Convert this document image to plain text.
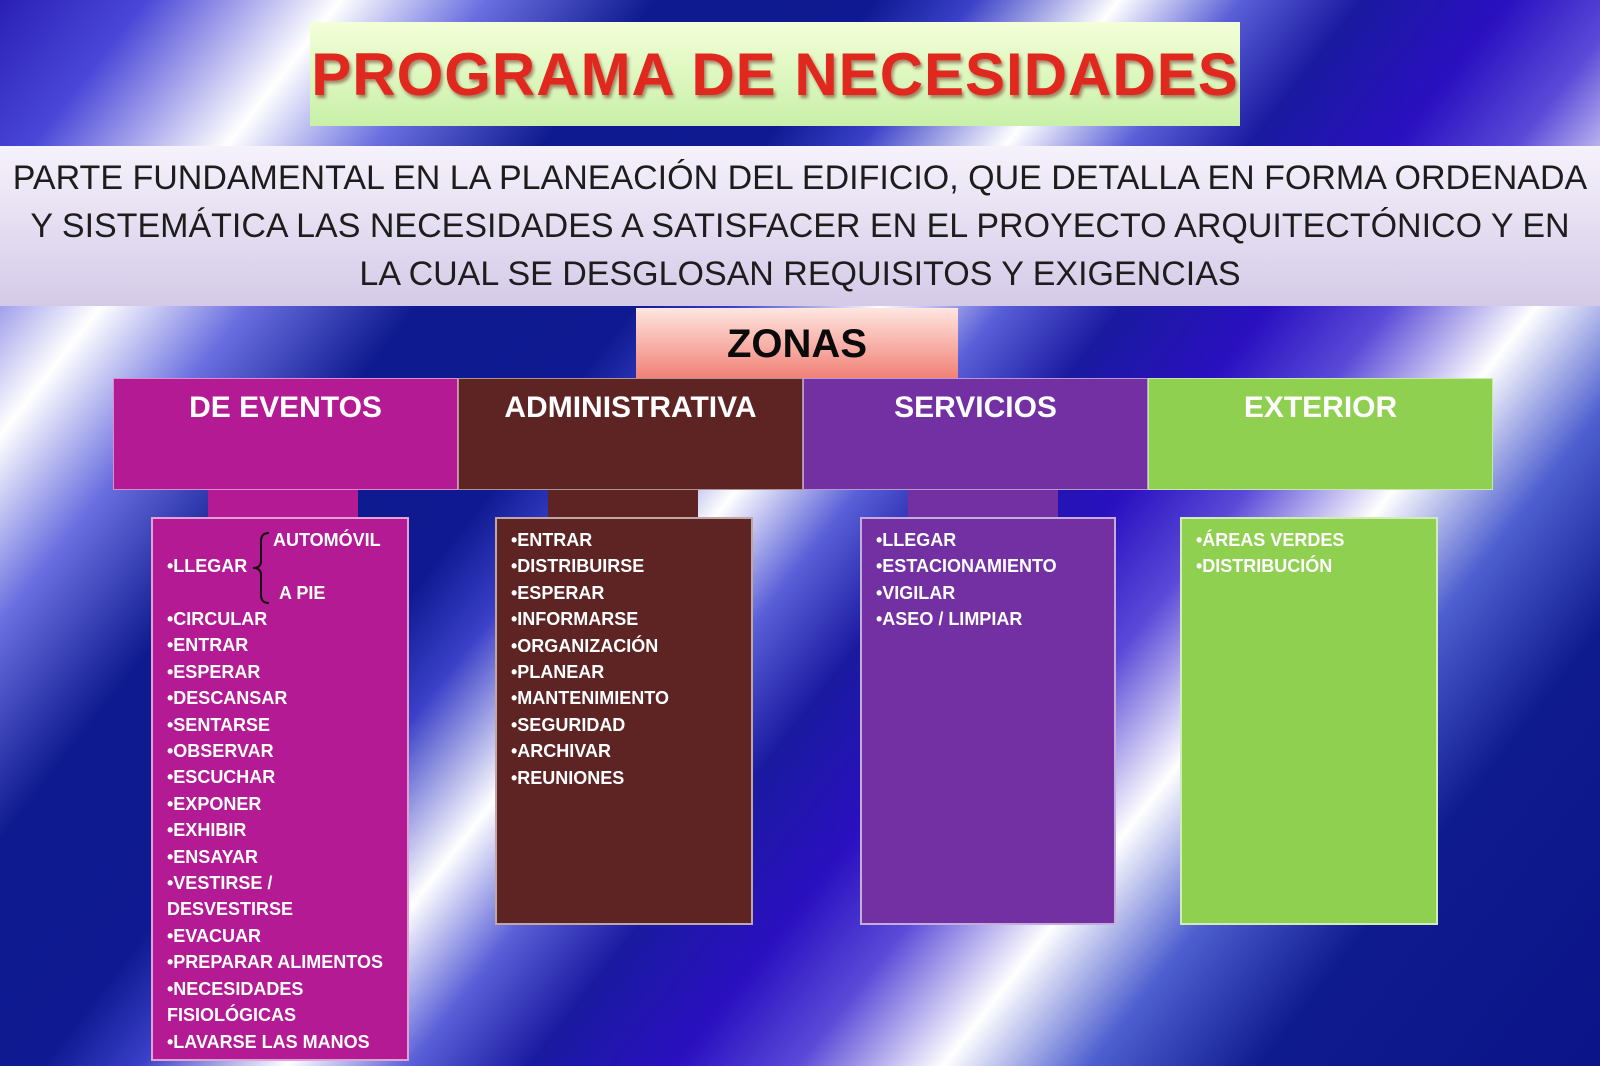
PROGRAMA DE NECESIDADES
PARTE FUNDAMENTAL EN LA PLANEACIÓN DEL EDIFICIO, QUE DETALLA EN FORMA ORDENADA Y SISTEMÁTICA LAS NECESIDADES A SATISFACER EN EL PROYECTO ARQUITECTÓNICO Y EN LA CUAL SE DESGLOSAN REQUISITOS Y EXIGENCIAS
ZONAS
DE EVENTOS	ADMINISTRATIVA	SERVICIOS	EXTERIOR

AUTOMÓVIL

•LLEGAR

A PIE

•CIRCULAR

•ENTRAR

•ESPERAR

•DESCANSAR

•SENTARSE

•OBSERVAR

•ESCUCHAR

•EXPONER

•EXHIBIR

•ENSAYAR

•VESTIRSE /
DESVESTIRSE

•EVACUAR

•PREPARAR ALIMENTOS

•NECESIDADES
FISIOLÓGICAS

•LAVARSE LAS MANOS

•ENTRAR

•DISTRIBUIRSE

•ESPERAR

•INFORMARSE

•ORGANIZACIÓN

•PLANEAR

•MANTENIMIENTO

•SEGURIDAD

•ARCHIVAR

•REUNIONES

•LLEGAR

•ESTACIONAMIENTO

•VIGILAR

•ASEO / LIMPIAR

•ÁREAS VERDES

•DISTRIBUCIÓN
